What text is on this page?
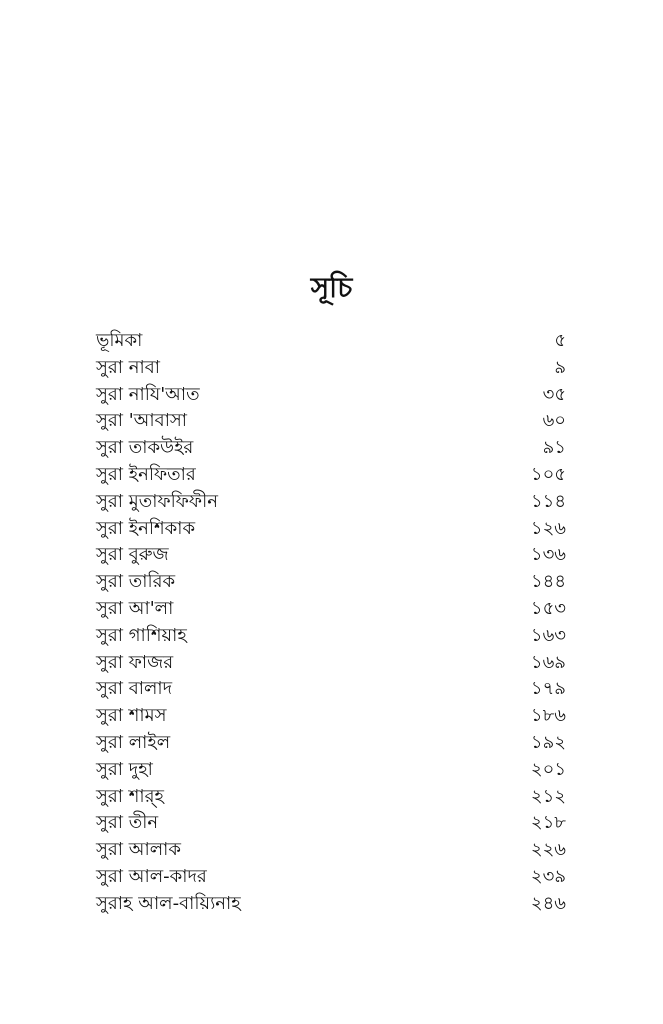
সূচি
ভূমিকা	৫
সুরা নাবা	৯
সুরা নাযি'আত	৩৫
সুরা 'আবাসা	৬০
সুরা তাকউইর	৯১
সুরা ইনফিতার	১০৫
সুরা মুতাফফিফীন	১১৪
সুরা ইনশিকাক	১২৬
সুরা বুরুজ	১৩৬
সুরা তারিক	১৪৪
সুরা আ'লা	১৫৩
সুরা গাশিয়াহ	১৬৩
সুরা ফাজর	১৬৯
সুরা বালাদ	১৭৯
সুরা শামস	১৮৬
সুরা লাইল	১৯২
সুরা দুহা	২০১
সুরা শার্‌হ	২১২
সুরা তীন	২১৮
সুরা আলাক	২২৬
সুরা আল-কাদর	২৩৯
সুরাহ আল-বায়্যিনাহ	২৪৬
